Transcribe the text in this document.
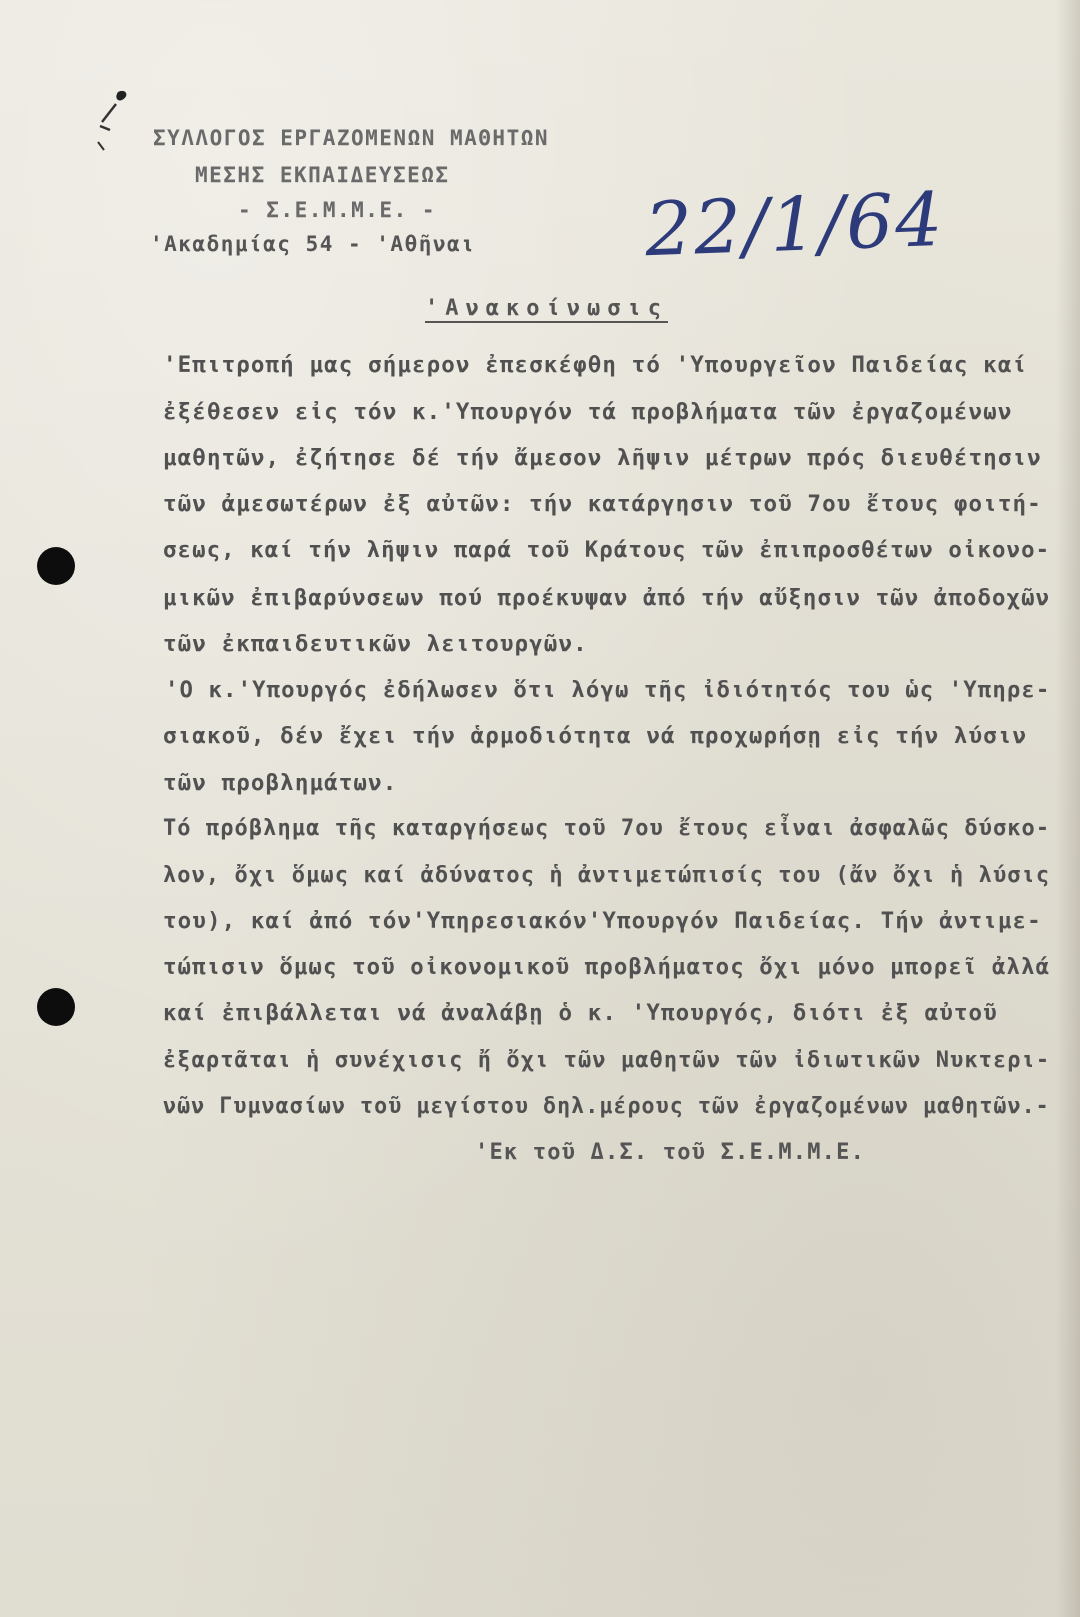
ΣΥΛΛΟΓΟΣ ΕΡΓΑΖΟΜΕΝΩΝ ΜΑΘΗΤΩΝ
ΜΕΣΗΣ ΕΚΠΑΙΔΕΥΣΕΩΣ
- Σ.Ε.Μ.Μ.Ε. -
'Ακαδημίας 54 - 'Αθῆναι 22/1/64
'Ανακοίνωσις
'Επιτροπή μας σήμερον ἐπεσκέφθη τό 'Υπουργεῖον Παιδείας καί
ἐξέθεσεν εἰς τόν κ.'Υπουργόν τά προβλήματα τῶν ἐργαζομένων
μαθητῶν, ἐζήτησε δέ τήν ἄμεσον λῆψιν μέτρων πρός διευθέτησιν
τῶν ἀμεσωτέρων ἐξ αὐτῶν: τήν κατάργησιν τοῦ 7ου ἔτους φοιτή-
σεως, καί τήν λῆψιν παρά τοῦ Κράτους τῶν ἐπιπροσθέτων οἰκονο-
μικῶν ἐπιβαρύνσεων πού προέκυψαν ἀπό τήν αὔξησιν τῶν ἀποδοχῶν
τῶν ἐκπαιδευτικῶν λειτουργῶν.
'Ο κ.'Υπουργός ἐδήλωσεν ὅτι λόγω τῆς ἰδιότητός του ὡς 'Υπηρε-
σιακοῦ, δέν ἔχει τήν ἁρμοδιότητα νά προχωρήσῃ εἰς τήν λύσιν
τῶν προβλημάτων.
Τό πρόβλημα τῆς καταργήσεως τοῦ 7ου ἔτους εἶναι ἀσφαλῶς δύσκο-
λον, ὄχι ὅμως καί ἀδύνατος ἡ ἀντιμετώπισίς του (ἄν ὄχι ἡ λύσις
του), καί ἀπό τόν'Υπηρεσιακόν'Υπουργόν Παιδείας. Τήν ἀντιμε-
τώπισιν ὅμως τοῦ οἰκονομικοῦ προβλήματος ὄχι μόνο μπορεῖ ἀλλά
καί ἐπιβάλλεται νά ἀναλάβῃ ὁ κ. 'Υπουργός, διότι ἐξ αὐτοῦ
ἐξαρτᾶται ἡ συνέχισις ἤ ὄχι τῶν μαθητῶν τῶν ἰδιωτικῶν Νυκτερι-
νῶν Γυμνασίων τοῦ μεγίστου δηλ.μέρους τῶν ἐργαζομένων μαθητῶν.-
'Εκ τοῦ Δ.Σ. τοῦ Σ.Ε.Μ.Μ.Ε.
